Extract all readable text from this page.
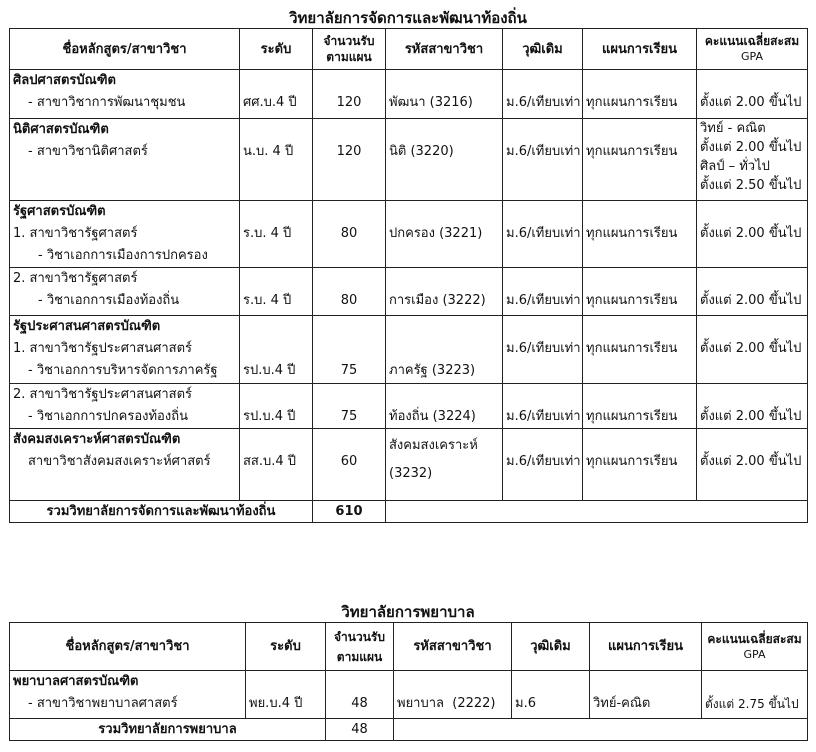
วิทยาลัยการจัดการและพัฒนาท้องถิ่น
ชื่อหลักสูตร/สาขาวิชา	ระดับ	จำนวนรับ
ตามแผน	รหัสสาขาวิชา	วุฒิเดิม	แผนการเรียน	คะแนนเฉลี่ยสะสม
GPA

ศิลปศาสตรบัณฑิต
- สาขาวิชาการพัฒนาชุมชน	ศศ.บ.4 ปี	120	พัฒนา (3216)	ม.6/เทียบเท่า	ทุกแผนการเรียน	ตั้งแต่ 2.00 ขึ้นไป

นิติศาสตรบัณฑิต
- สาขาวิชานิติศาสตร์	น.บ. 4 ปี	120	นิติ (3220)	ม.6/เทียบเท่า	ทุกแผนการเรียน	วิทย์ - คณิต
ตั้งแต่ 2.00 ขึ้นไป
ศิลป์ – ทั่วไป
ตั้งแต่ 2.50 ขึ้นไป

รัฐศาสตรบัณฑิต
1. สาขาวิชารัฐศาสตร์
- วิชาเอกการเมืองการปกครอง	ร.บ. 4 ปี	80	ปกครอง (3221)	ม.6/เทียบเท่า	ทุกแผนการเรียน	ตั้งแต่ 2.00 ขึ้นไป

2. สาขาวิชารัฐศาสตร์
- วิชาเอกการเมืองท้องถิ่น	ร.บ. 4 ปี	80	การเมือง (3222)	ม.6/เทียบเท่า	ทุกแผนการเรียน	ตั้งแต่ 2.00 ขึ้นไป

รัฐประศาสนศาสตรบัณฑิต
1. สาขาวิชารัฐประศาสนศาสตร์
- วิชาเอกการบริหารจัดการภาครัฐ	รป.บ.4 ปี	75	ภาครัฐ (3223)	ม.6/เทียบเท่า	ทุกแผนการเรียน	ตั้งแต่ 2.00 ขึ้นไป

2. สาขาวิชารัฐประศาสนศาสตร์
- วิชาเอกการปกครองท้องถิ่น	รป.บ.4 ปี	75	ท้องถิ่น (3224)	ม.6/เทียบเท่า	ทุกแผนการเรียน	ตั้งแต่ 2.00 ขึ้นไป

สังคมสงเคราะห์ศาสตรบัณฑิต
สาขาวิชาสังคมสงเคราะห์ศาสตร์	สส.บ.4 ปี	60	สังคมสงเคราะห์
(3232)	ม.6/เทียบเท่า	ทุกแผนการเรียน	ตั้งแต่ 2.00 ขึ้นไป

รวมวิทยาลัยการจัดการและพัฒนาท้องถิ่น		610				
วิทยาลัยการพยาบาล
ชื่อหลักสูตร/สาขาวิชา	ระดับ	จำนวนรับ
ตามแผน	รหัสสาขาวิชา	วุฒิเดิม	แผนการเรียน	คะแนนเฉลี่ยสะสม
GPA

พยาบาลศาสตรบัณฑิต
- สาขาวิชาพยาบาลศาสตร์	พย.บ.4 ปี	48	พยาบาล  (2222)	ม.6	วิทย์-คณิต	ตั้งแต่ 2.75 ขึ้นไป

รวมวิทยาลัยการพยาบาล		48				
